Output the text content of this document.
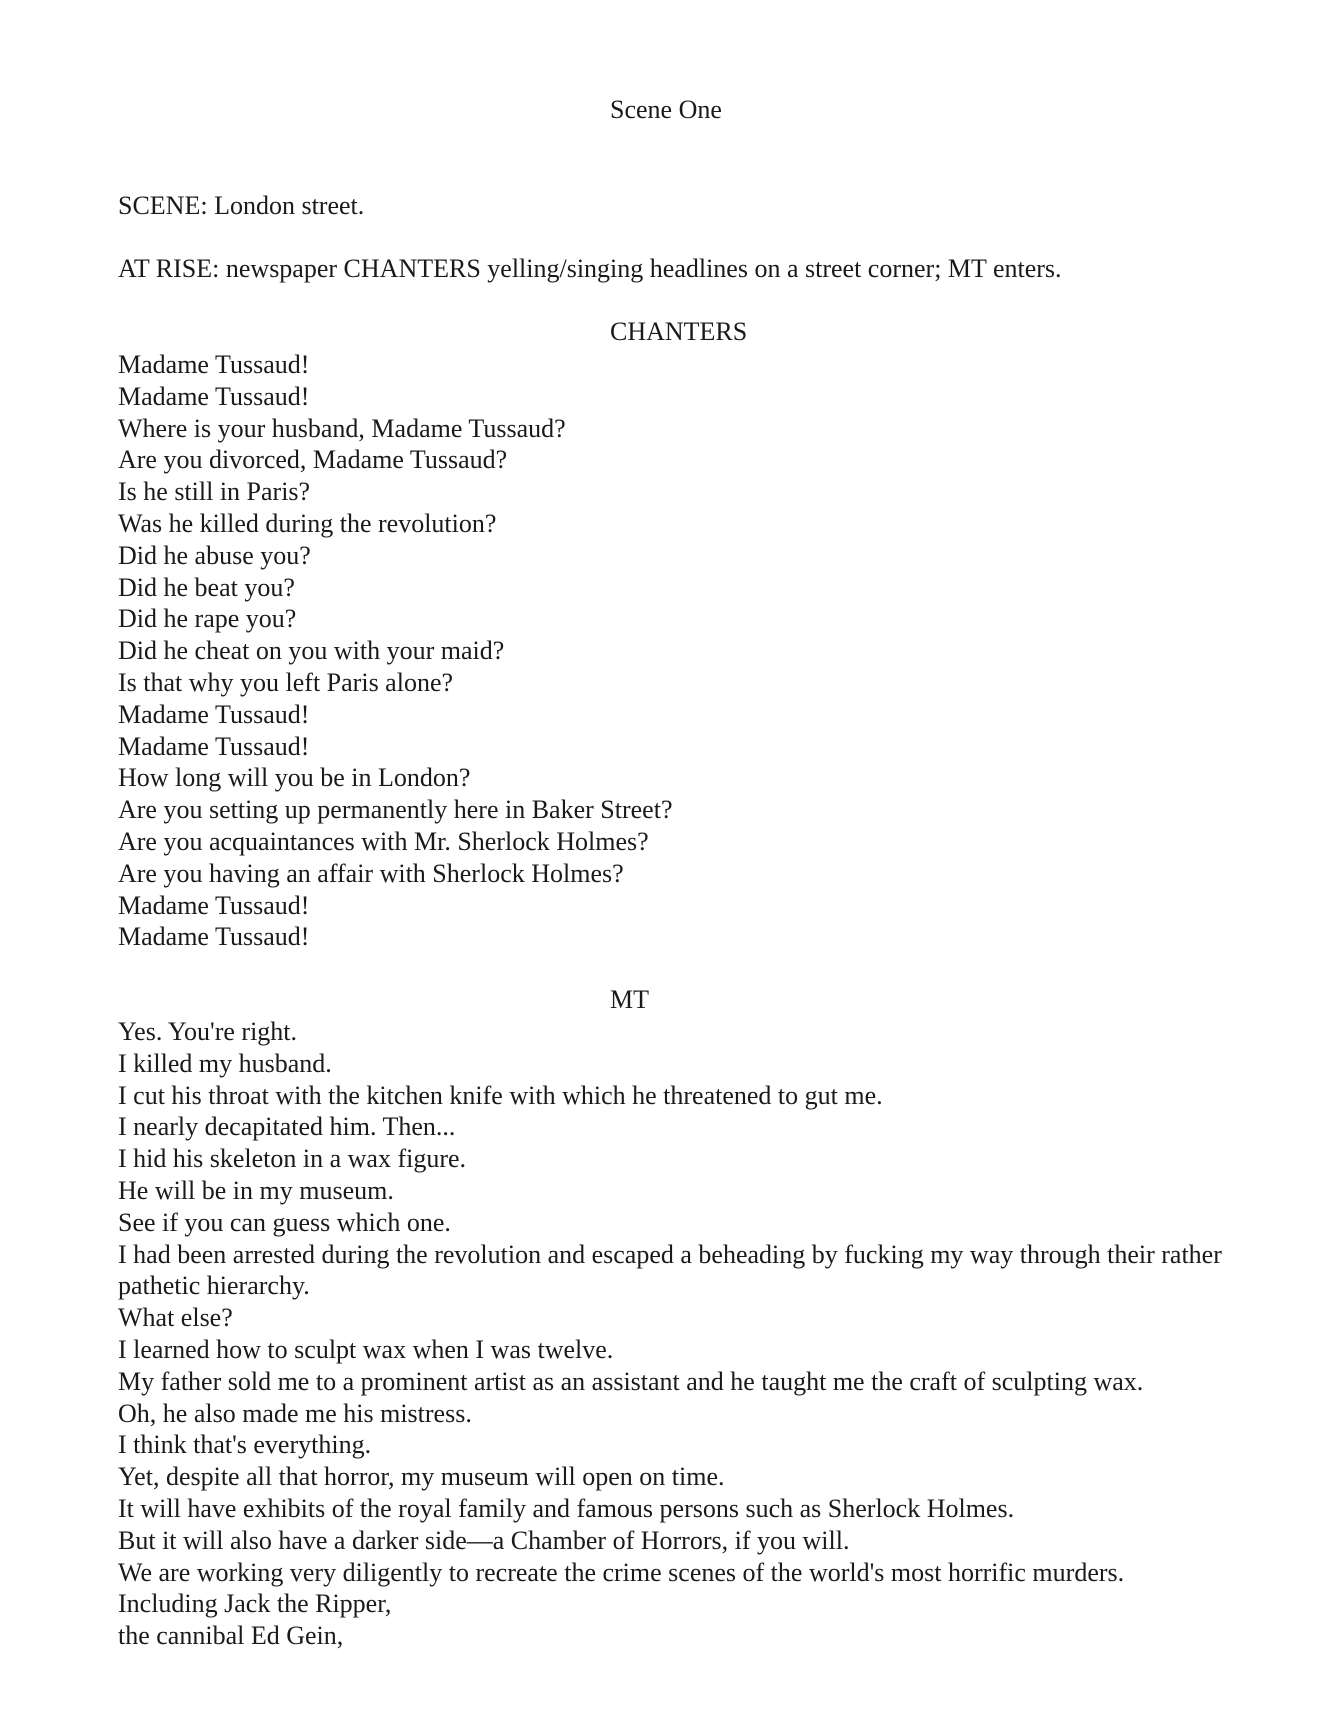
Scene One
SCENE: London street.
AT RISE: newspaper CHANTERS yelling/singing headlines on a street corner; MT enters.
CHANTERS
Madame Tussaud!
Madame Tussaud!
Where is your husband, Madame Tussaud?
Are you divorced, Madame Tussaud?
Is he still in Paris?
Was he killed during the revolution?
Did he abuse you?
Did he beat you?
Did he rape you?
Did he cheat on you with your maid?
Is that why you left Paris alone?
Madame Tussaud!
Madame Tussaud!
How long will you be in London?
Are you setting up permanently here in Baker Street?
Are you acquaintances with Mr. Sherlock Holmes?
Are you having an affair with Sherlock Holmes?
Madame Tussaud!
Madame Tussaud!
MT
Yes. You're right.
I killed my husband.
I cut his throat with the kitchen knife with which he threatened to gut me.
I nearly decapitated him. Then...
I hid his skeleton in a wax figure.
He will be in my museum.
See if you can guess which one.
I had been arrested during the revolution and escaped a beheading by fucking my way through their rather pathetic hierarchy.
What else?
I learned how to sculpt wax when I was twelve.
My father sold me to a prominent artist as an assistant and he taught me the craft of sculpting wax.
Oh, he also made me his mistress.
I think that's everything.
Yet, despite all that horror, my museum will open on time.
It will have exhibits of the royal family and famous persons such as Sherlock Holmes.
But it will also have a darker side—a Chamber of Horrors, if you will.
We are working very diligently to recreate the crime scenes of the world's most horrific murders.
Including Jack the Ripper,
the cannibal Ed Gein,
